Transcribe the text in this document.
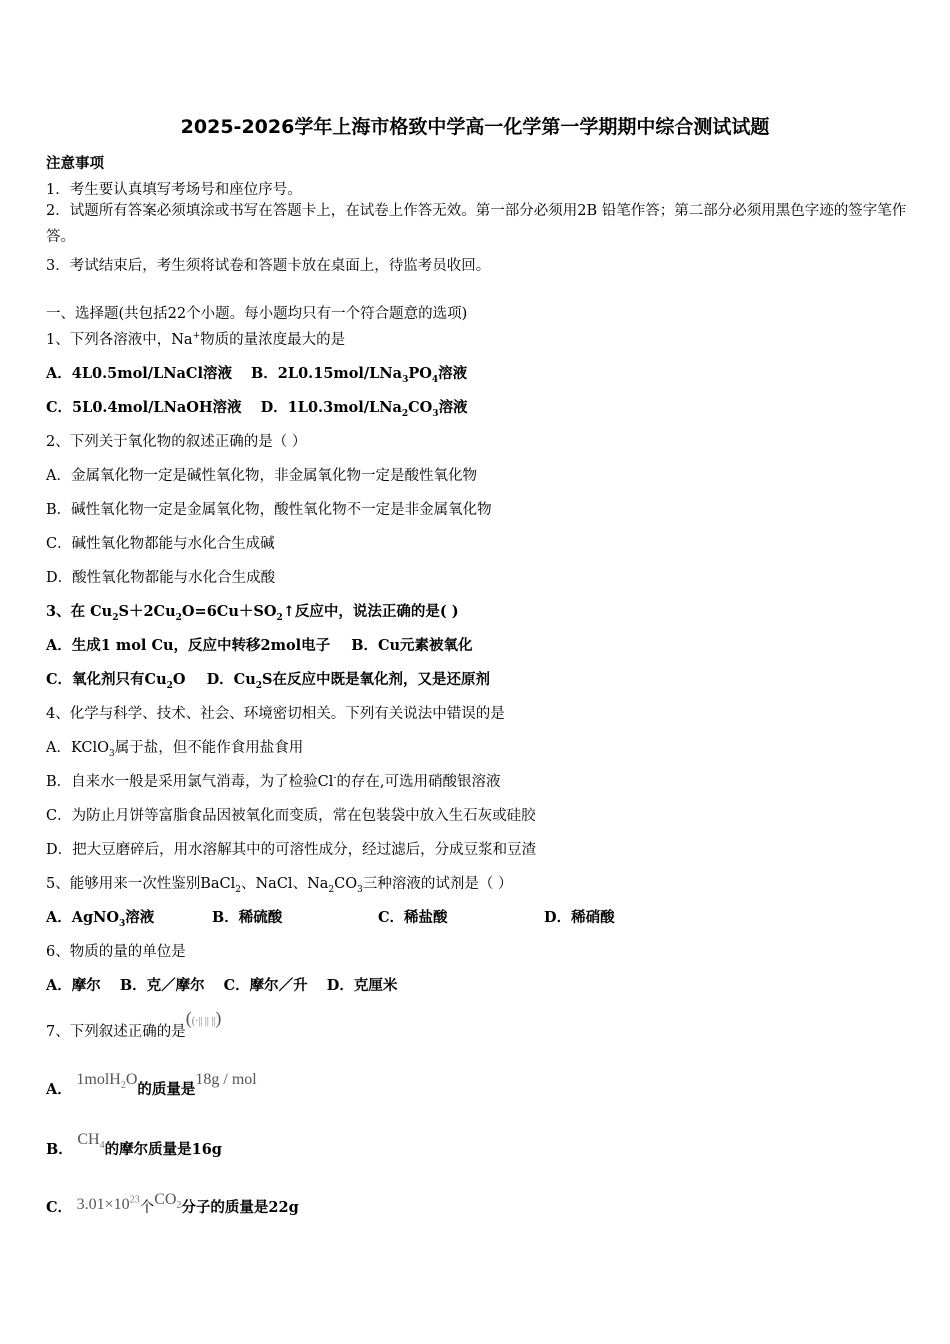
2025-2026学年上海市格致中学高一化学第一学期期中综合测试试题
注意事项
1．考生要认真填写考场号和座位序号。
2．试题所有答案必须填涂或书写在答题卡上，在试卷上作答无效。第一部分必须用2B 铅笔作答；第二部分必须用黑色字迹的签字笔作答。
3．考试结束后，考生须将试卷和答题卡放在桌面上，待监考员收回。
一、选择题(共包括22个小题。每小题均只有一个符合题意的选项)
1、下列各溶液中，Na+物质的量浓度最大的是
A．4L0.5mol/LNaCl溶液 B．$2L0.15mol/LNa_3PO_4$溶液
C．5L0.4mol/LNaOH溶液 D．$1L0.3mol/LNa_2CO_3$溶液
2、下列关于氧化物的叙述正确的是（ ）
A．金属氧化物一定是碱性氧化物，非金属氧化物一定是酸性氧化物
B．碱性氧化物一定是金属氧化物，酸性氧化物不一定是非金属氧化物
C．碱性氧化物都能与水化合生成碱
D．酸性氧化物都能与水化合生成酸
3、在 $Cu_2S+2Cu_2O=6Cu+SO_2↑$反应中，说法正确的是( )
A．生成1 mol Cu，反应中转移2mol电子 B．Cu元素被氧化
C．氧化剂只有$Cu_2O$ D．$Cu_2S$在反应中既是氧化剂，又是还原剂
4、化学与科学、技术、社会、环境密切相关。下列有关说法中错误的是
A．KClO$_3$属于盐，但不能作食用盐食用
B．自来水一般是采用氯气消毒，为了检验Cl-的存在,可选用硝酸银溶液
C．为防止月饼等富脂食品因被氧化而变质，常在包装袋中放入生石灰或硅胶
D．把大豆磨碎后，用水溶解其中的可溶性成分，经过滤后，分成豆浆和豆渣
5、能够用来一次性鉴别BaCl$_2$、NaCl、$Na_2CO_3$三种溶液的试剂是（ ）
A．AgNO$_3$溶液	B．稀硫酸	C．稀盐酸	D．稀硝酸
6、物质的量的单位是
A．摩尔 B．克／摩尔 C．摩尔／升 D．克厘米
7、下列叙述正确的是((·|| || ||)
A． 1molH$_2$O的质量是18g / mol
B． $CH_4$的摩尔质量是16g
C． $3.01\times 10^{23}$个$CO_2$分子的质量是22g
